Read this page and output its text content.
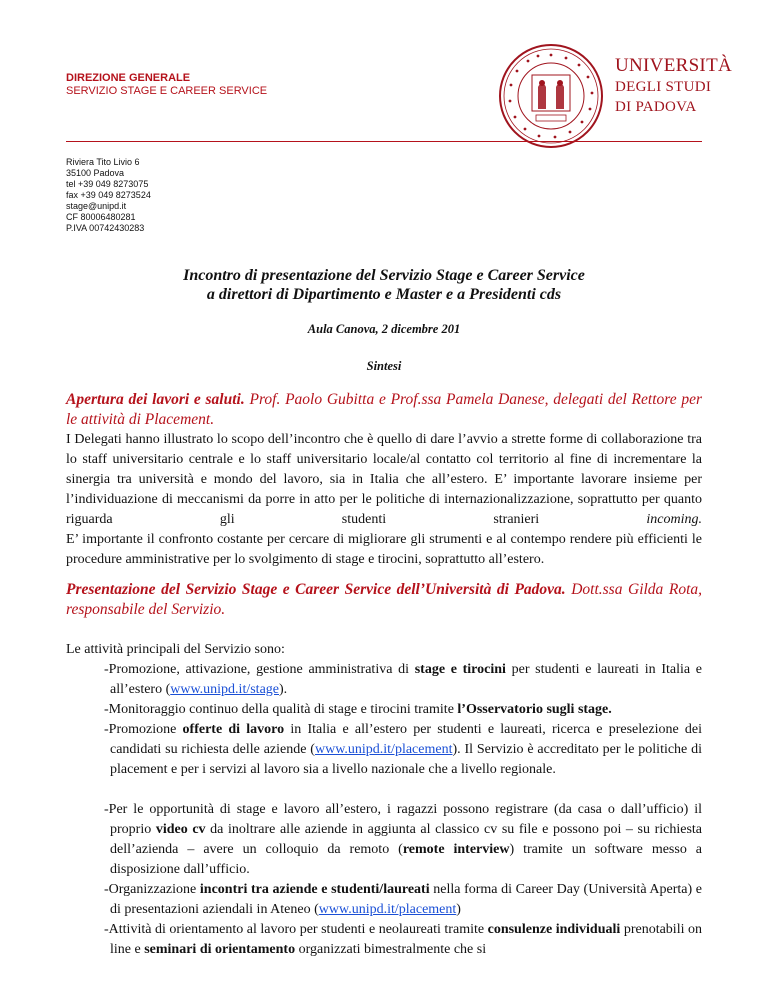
DIREZIONE GENERALE
SERVIZIO STAGE E CAREER SERVICE
UNIVERSITÀ
DEGLI STUDI
DI PADOVA
Riviera Tito Livio 6
35100 Padova
tel +39 049 8273075
fax +39 049 8273524
stage@unipd.it
CF 80006480281
P.IVA 00742430283
Incontro di presentazione del Servizio Stage e Career Service
a direttori di Dipartimento e Master e a Presidenti cds
Aula Canova, 2 dicembre 201
Sintesi
Apertura dei lavori e saluti. Prof. Paolo Gubitta e Prof.ssa Pamela Danese, delegati del Rettore per le attività di Placement.
I Delegati hanno illustrato lo scopo dell’incontro che è quello di dare l’avvio a strette forme di collaborazione tra lo staff universitario centrale e lo staff universitario locale/al contatto col territorio al fine di incrementare la sinergia tra università e mondo del lavoro, sia in Italia che all’estero. E’ importante lavorare insieme per l’individuazione di meccanismi da porre in atto per le politiche di internazionalizzazione, soprattutto per quanto riguarda gli studenti stranieri incoming.
E’ importante il confronto costante per cercare di migliorare gli strumenti e al contempo rendere più efficienti le procedure amministrative per lo svolgimento di stage e tirocini, soprattutto all’estero.
Presentazione del Servizio Stage e Career Service dell’Università di Padova. Dott.ssa Gilda Rota, responsabile del Servizio.
Le attività principali del Servizio sono:
-Promozione, attivazione, gestione amministrativa di stage e tirocini per studenti e laureati in Italia e all’estero (www.unipd.it/stage).
-Monitoraggio continuo della qualità di stage e tirocini tramite l’Osservatorio sugli stage.
-Promozione offerte di lavoro in Italia e all’estero per studenti e laureati, ricerca e preselezione dei candidati su richiesta delle aziende (www.unipd.it/placement). Il Servizio è accreditato per le politiche di placement e per i servizi al lavoro sia a livello nazionale che a livello regionale.
-Per le opportunità di stage e lavoro all’estero, i ragazzi possono registrare (da casa o dall’ufficio) il proprio video cv da inoltrare alle aziende in aggiunta al classico cv su file e possono poi – su richiesta dell’azienda – avere un colloquio da remoto (remote interview) tramite un software messo a disposizione dall’ufficio.
-Organizzazione incontri tra aziende e studenti/laureati nella forma di Career Day (Università Aperta) e di presentazioni aziendali in Ateneo (www.unipd.it/placement)
-Attività di orientamento al lavoro per studenti e neolaureati tramite consulenze individuali prenotabili on line e seminari di orientamento organizzati bimestralmente che si
